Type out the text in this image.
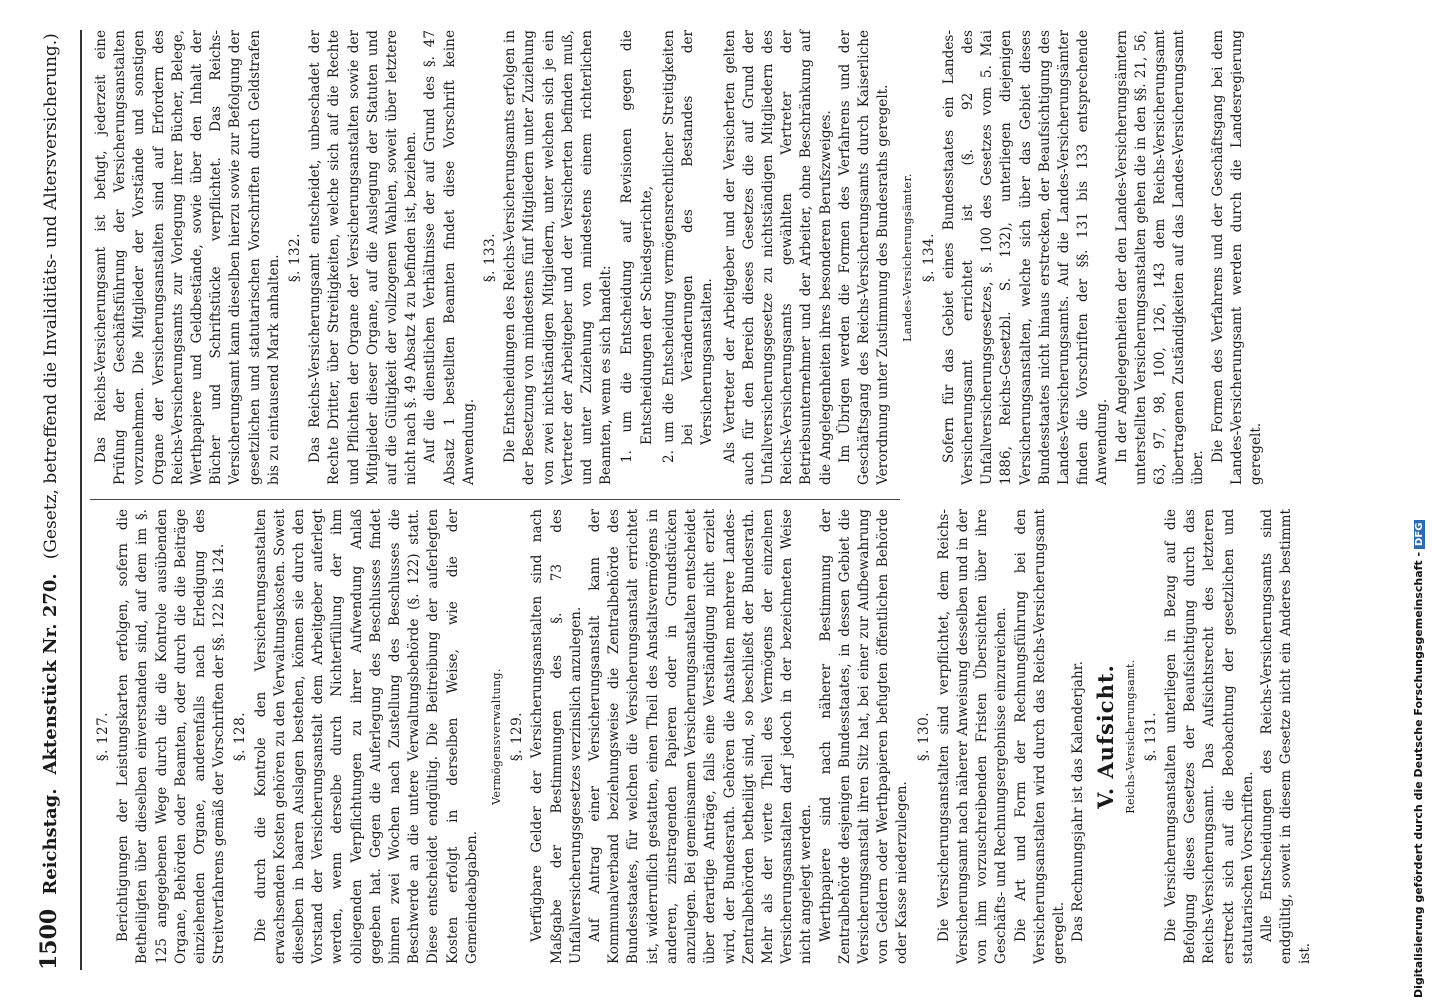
1500
Reichstag.
Aktenstück Nr. 270.
(Gesetz, betreffend die Invaliditäts- und Altersversicherung.)
§. 127. Berichtigungen der Leistungskarten erfolgen, sofern die Betheiligten über dieselben einverstanden sind, auf dem im §. 125 angegebenen Wege durch die die Kontrole ausübenden Organe, Behörden oder Beamten, oder durch die die Beiträge einziehenden Organe, anderenfalls nach Erledigung des Streitverfahrens gemäß der Vorschriften der §§. 122 bis 124. §. 128. Die durch die Kontrole den Versicherungsanstalten erwachsenden Kosten gehören zu den Verwaltungskosten. Soweit dieselben in baaren Auslagen bestehen, können sie durch den Vorstand der Versicherungsanstalt dem Arbeitgeber auferlegt werden, wenn derselbe durch Nichterfüllung der ihm obliegenden Verpflichtungen zu ihrer Aufwendung Anlaß gegeben hat. Gegen die Auferlegung des Beschlusses findet binnen zwei Wochen nach Zustellung des Beschlusses die Beschwerde an die untere Verwaltungsbehörde (§. 122) statt. Diese entscheidet endgültig. Die Beitreibung der auferlegten Kosten erfolgt in derselben Weise, wie die der Gemeindeabgaben.

Vermögensverwaltung. §. 129. Verfügbare Gelder der Versicherungsanstalten sind nach Maßgabe der Bestimmungen des §. 73 des Unfallversicherungsgesetzes verzinslich anzulegen. Auf Antrag einer Versicherungsanstalt kann der Kommunalverband beziehungsweise die Zentralbehörde des Bundesstaates, für welchen die Versicherungsanstalt errichtet ist, widerruflich gestatten, einen Theil des Anstaltsvermögens in anderen, zinstragenden Papieren oder in Grundstücken anzulegen. Bei gemeinsamen Versicherungsanstalten entscheidet über derartige Anträge, falls eine Verständigung nicht erzielt wird, der Bundesrath. Gehören die Anstalten mehrere Landes-Zentralbehörden betheiligt sind, so beschließt der Bundesrath. Mehr als der vierte Theil des Vermögens der einzelnen Versicherungsanstalten darf jedoch in der bezeichneten Weise nicht angelegt werden. Werthpapiere sind nach näherer Bestimmung der Zentralbehörde desjenigen Bundesstaates, in dessen Gebiet die Versicherungsanstalt ihren Sitz hat, bei einer zur Aufbewahrung von Geldern oder Werthpapieren befugten öffentlichen Behörde oder Kasse niederzulegen.

§. 130. Die Versicherungsanstalten sind verpflichtet, dem Reichs-Versicherungsamt nach näherer Anweisung desselben und in der von ihm vorzuschreibenden Fristen Übersichten über ihre Geschäfts- und Rechnungsergebnisse einzureichen. Die Art und Form der Rechnungsführung bei den Versicherungsanstalten wird durch das Reichs-Versicherungsamt geregelt. Das Rechnungsjahr ist das Kalenderjahr. V. Aufsicht. Reichs-Versicherungsamt. §. 131. Die Versicherungsanstalten unterliegen in Bezug auf die Befolgung dieses Gesetzes der Beaufsichtigung durch das Reichs-Versicherungsamt. Das Aufsichtsrecht des letzteren erstreckt sich auf die Beobachtung der gesetzlichen und statutarischen Vorschriften. Alle Entscheidungen des Reichs-Versicherungsamts sind endgültig, soweit in diesem Gesetze nicht ein Anderes bestimmt ist.

Das Reichs-Versicherungsamt ist befugt, jederzeit eine Prüfung der Geschäftsführung der Versicherungsanstalten vorzunehmen. Die Mitglieder der Vorstände und sonstigen Organe der Versicherungsanstalten sind auf Erfordern des Reichs-Versicherungsamts zur Vorlegung ihrer Bücher, Belege, Werthpapiere und Geldbestände, sowie über den Inhalt der Bücher und Schriftstücke verpflichtet. Das Reichs-Versicherungsamt kann dieselben hierzu sowie zur Befolgung der gesetzlichen und statutarischen Vorschriften durch Geldstrafen bis zu eintausend Mark anhalten. §. 132. Das Reichs-Versicherungsamt entscheidet, unbeschadet der Rechte Dritter, über Streitigkeiten, welche sich auf die Rechte und Pflichten der Organe der Versicherungsanstalten sowie der Mitglieder dieser Organe, auf die Auslegung der Statuten und auf die Gültigkeit der vollzogenen Wahlen, soweit über letztere nicht nach §. 49 Absatz 4 zu befinden ist, beziehen. Auf die dienstlichen Verhältnisse der auf Grund des §. 47 Absatz 1 bestellten Beamten findet diese Vorschrift keine Anwendung.

§. 133. Die Entscheidungen des Reichs-Versicherungsamts erfolgen in der Besetzung von mindestens fünf Mitgliedern unter Zuziehung von zwei nichtständigen Mitgliedern, unter welchen sich je ein Vertreter der Arbeitgeber und der Versicherten befinden muß, und unter Zuziehung von mindestens einem richterlichen Beamten, wenn es sich handelt: 1. um die Entscheidung auf Revisionen gegen die Entscheidungen der Schiedsgerichte, 2. um die Entscheidung vermögensrechtlicher Streitigkeiten bei Veränderungen des Bestandes der Versicherungsanstalten. Als Vertreter der Arbeitgeber und der Versicherten gelten auch für den Bereich dieses Gesetzes die auf Grund der Unfallversicherungsgesetze zu nichtständigen Mitgliedern des Reichs-Versicherungsamts gewählten Vertreter der Betriebsunternehmer und der Arbeiter, ohne Beschränkung auf die Angelegenheiten ihres besonderen Berufszweiges. Im Übrigen werden die Formen des Verfahrens und der Geschäftsgang des Reichs-Versicherungsamts durch Kaiserliche Verordnung unter Zustimmung des Bundesraths geregelt. Landes-Versicherungsämter. §. 134. Sofern für das Gebiet eines Bundesstaates ein Landes-Versicherungsamt errichtet ist (§. 92 des Unfallversicherungsgesetzes, §. 100 des Gesetzes vom 5. Mai 1886, Reichs-Gesetzbl. S. 132), unterliegen diejenigen Versicherungsanstalten, welche sich über das Gebiet dieses Bundesstaates nicht hinaus erstrecken, der Beaufsichtigung des Landes-Versicherungsamts. Auf die Landes-Versicherungsämter finden die Vorschriften der §§. 131 bis 133 entsprechende Anwendung. In der Angelegenheiten der den Landes-Versicherungsämtern unterstellten Versicherungsanstalten gehen die in den §§. 21, 56, 63, 97, 98, 100, 126, 143 dem Reichs-Versicherungsamt übertragenen Zuständigkeiten auf das Landes-Versicherungsamt über.

Die Formen des Verfahrens und der Geschäftsgang bei dem Landes-Versicherungsamt werden durch die Landesregierung geregelt.

Digitalisierung gefördert durch die Deutsche Forschungsgemeinschaft -DFG
